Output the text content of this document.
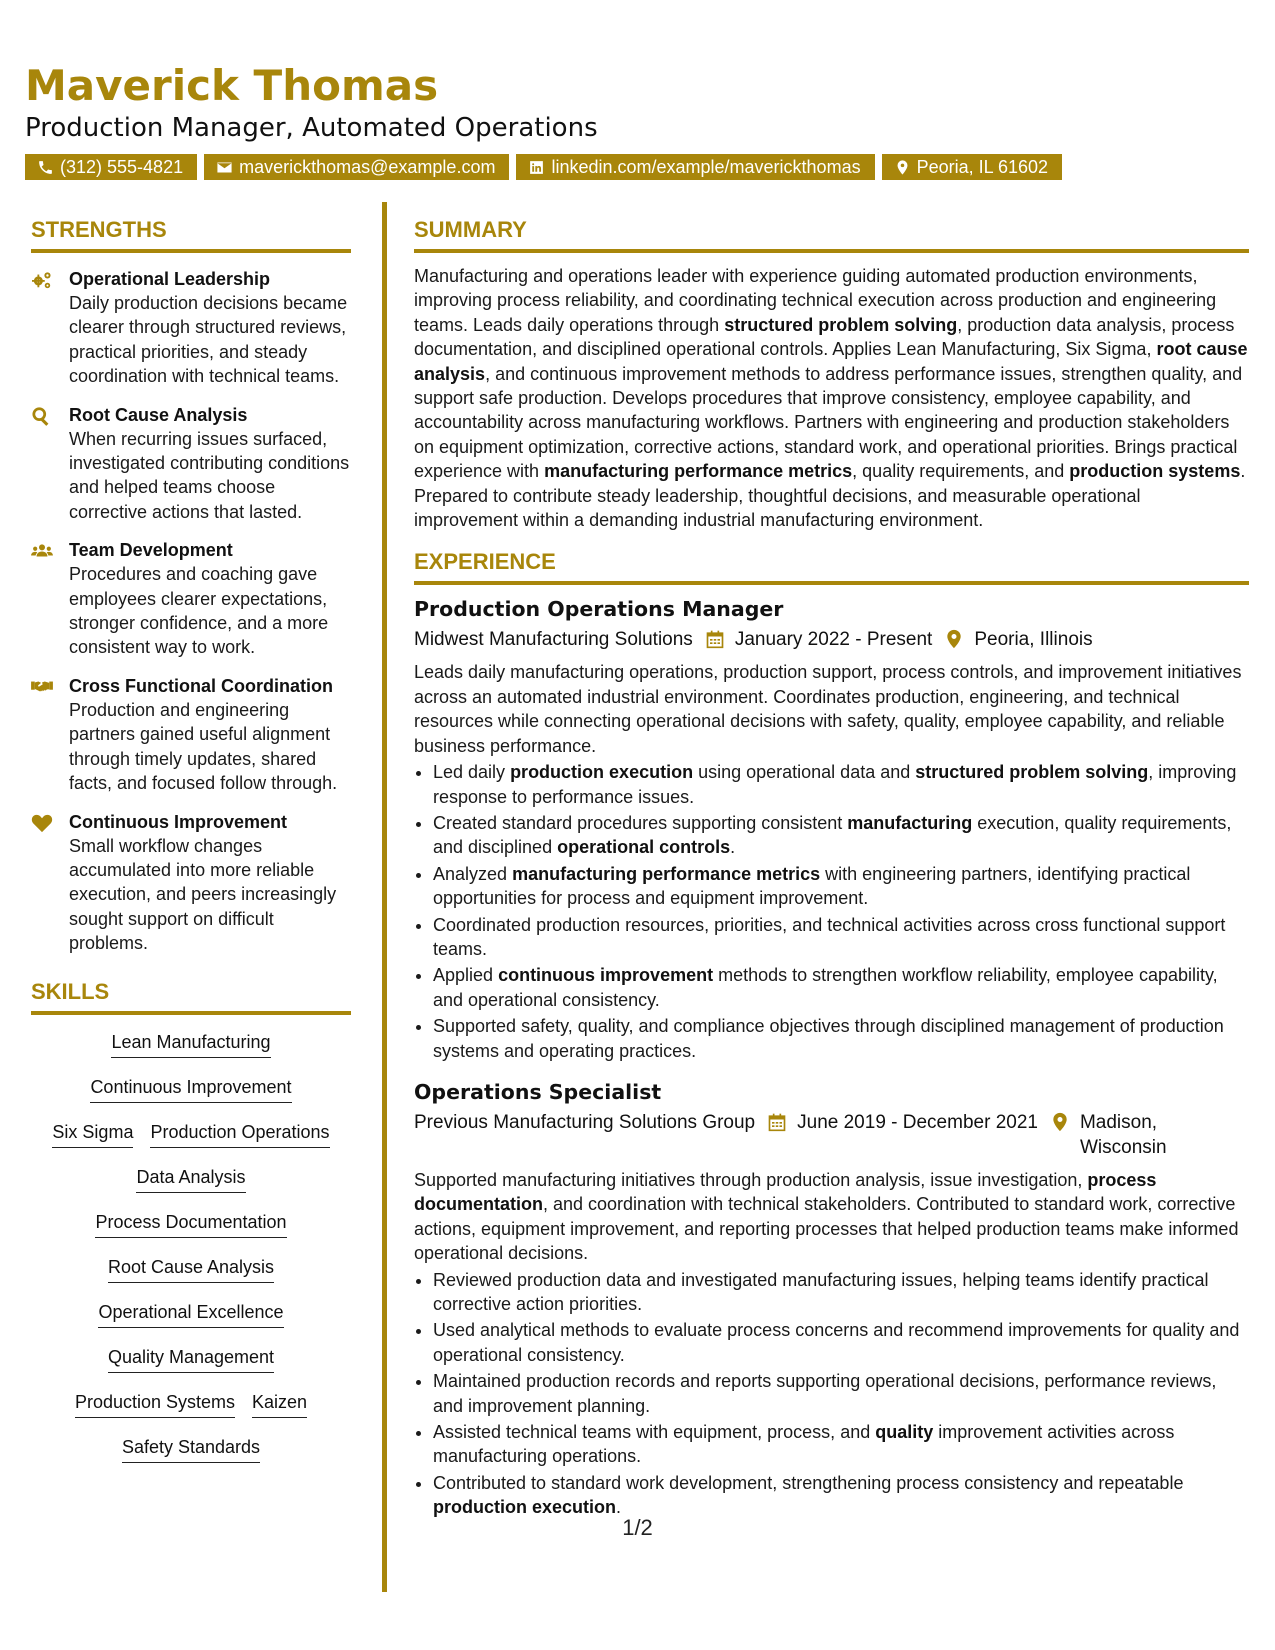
Maverick Thomas
Production Manager, Automated Operations
(312) 555-4821	maverickthomas@example.com	linkedin.com/example/maverickthomas	Peoria, IL 61602
STRENGTHS
Operational Leadership
Daily production decisions became clearer through structured reviews, practical priorities, and steady coordination with technical teams.
Root Cause Analysis
When recurring issues surfaced, investigated contributing conditions and helped teams choose corrective actions that lasted.
Team Development
Procedures and coaching gave employees clearer expectations, stronger confidence, and a more consistent way to work.
Cross Functional Coordination
Production and engineering partners gained useful alignment through timely updates, shared facts, and focused follow through.
Continuous Improvement
Small workflow changes accumulated into more reliable execution, and peers increasingly sought support on difficult problems.
SKILLS
Lean Manufacturing
Continuous Improvement
Six Sigma Production Operations
Data Analysis
Process Documentation
Root Cause Analysis
Operational Excellence
Quality Management
Production Systems Kaizen
Safety Standards
SUMMARY

Manufacturing and operations leader with experience guiding automated production environments, improving process reliability, and coordinating technical execution across production and engineering teams. Leads daily operations through structured problem solving, production data analysis, process documentation, and disciplined operational controls. Applies Lean Manufacturing, Six Sigma, root cause analysis, and continuous improvement methods to address performance issues, strengthen quality, and support safe production. Develops procedures that improve consistency, employee capability, and accountability across manufacturing workflows. Partners with engineering and production stakeholders on equipment optimization, corrective actions, standard work, and operational priorities. Brings practical experience with manufacturing performance metrics, quality requirements, and production systems. Prepared to contribute steady leadership, thoughtful decisions, and measurable operational improvement within a demanding industrial manufacturing environment.

EXPERIENCE
Production Operations Manager
Midwest Manufacturing Solutions January 2022 - Present Peoria, Illinois

Leads daily manufacturing operations, production support, process controls, and improvement initiatives across an automated industrial environment. Coordinates production, engineering, and technical resources while connecting operational decisions with safety, quality, employee capability, and reliable business performance.

• Led daily production execution using operational data and structured problem solving, improving response to performance issues.
• Created standard procedures supporting consistent manufacturing execution, quality requirements, and disciplined operational controls.
• Analyzed manufacturing performance metrics with engineering partners, identifying practical opportunities for process and equipment improvement.
• Coordinated production resources, priorities, and technical activities across cross functional support teams.
• Applied continuous improvement methods to strengthen workflow reliability, employee capability, and operational consistency.
• Supported safety, quality, and compliance objectives through disciplined management of production systems and operating practices.
Operations Specialist
Previous Manufacturing Solutions Group June 2019 - December 2021 Madison, Wisconsin

Supported manufacturing initiatives through production analysis, issue investigation, process documentation, and coordination with technical stakeholders. Contributed to standard work, corrective actions, equipment improvement, and reporting processes that helped production teams make informed operational decisions.

• Reviewed production data and investigated manufacturing issues, helping teams identify practical corrective action priorities.
• Used analytical methods to evaluate process concerns and recommend improvements for quality and operational consistency.
• Maintained production records and reports supporting operational decisions, performance reviews, and improvement planning.
• Assisted technical teams with equipment, process, and quality improvement activities across manufacturing operations.
• Contributed to standard work development, strengthening process consistency and repeatable production execution.
1/2
